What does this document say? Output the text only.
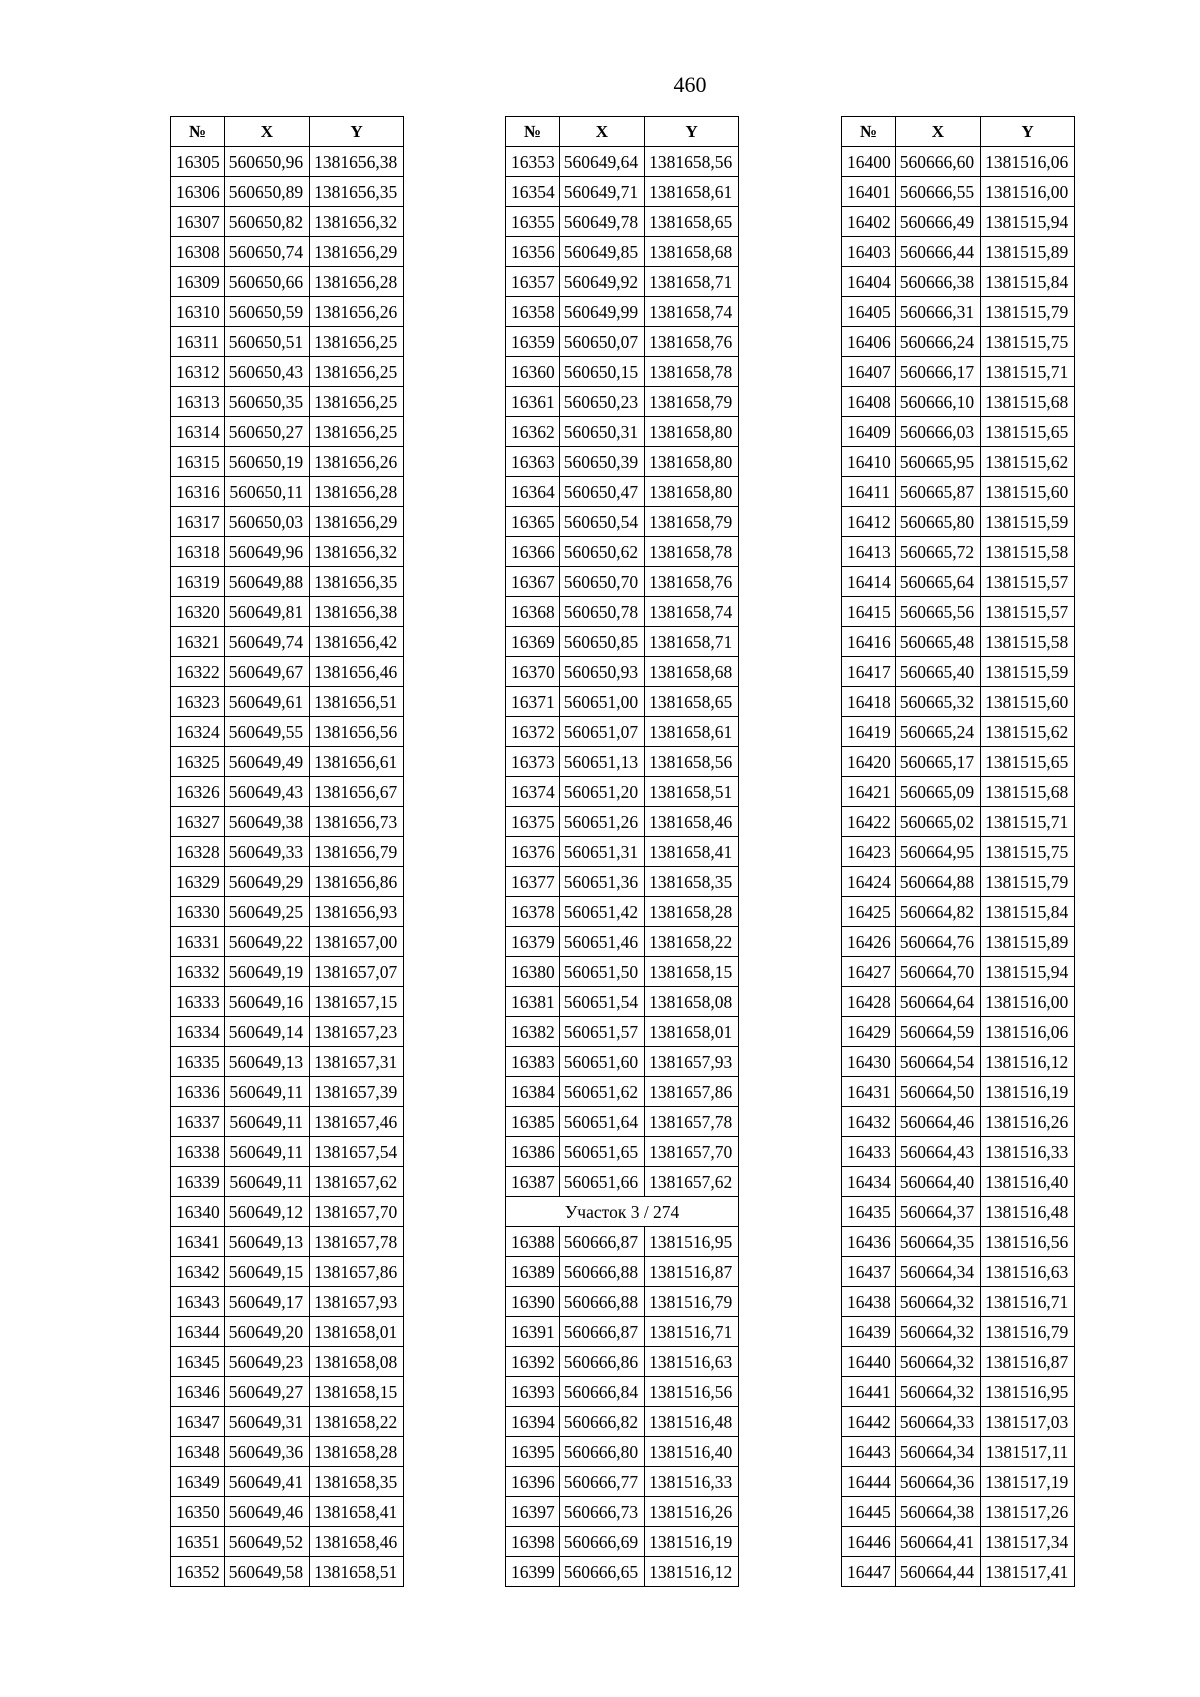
460
№	X	Y
16305	560650,96	1381656,38
16306	560650,89	1381656,35
16307	560650,82	1381656,32
16308	560650,74	1381656,29
16309	560650,66	1381656,28
16310	560650,59	1381656,26
16311	560650,51	1381656,25
16312	560650,43	1381656,25
16313	560650,35	1381656,25
16314	560650,27	1381656,25
16315	560650,19	1381656,26
16316	560650,11	1381656,28
16317	560650,03	1381656,29
16318	560649,96	1381656,32
16319	560649,88	1381656,35
16320	560649,81	1381656,38
16321	560649,74	1381656,42
16322	560649,67	1381656,46
16323	560649,61	1381656,51
16324	560649,55	1381656,56
16325	560649,49	1381656,61
16326	560649,43	1381656,67
16327	560649,38	1381656,73
16328	560649,33	1381656,79
16329	560649,29	1381656,86
16330	560649,25	1381656,93
16331	560649,22	1381657,00
16332	560649,19	1381657,07
16333	560649,16	1381657,15
16334	560649,14	1381657,23
16335	560649,13	1381657,31
16336	560649,11	1381657,39
16337	560649,11	1381657,46
16338	560649,11	1381657,54
16339	560649,11	1381657,62
16340	560649,12	1381657,70
16341	560649,13	1381657,78
16342	560649,15	1381657,86
16343	560649,17	1381657,93
16344	560649,20	1381658,01
16345	560649,23	1381658,08
16346	560649,27	1381658,15
16347	560649,31	1381658,22
16348	560649,36	1381658,28
16349	560649,41	1381658,35
16350	560649,46	1381658,41
16351	560649,52	1381658,46
16352	560649,58	1381658,51
№	X	Y
16353	560649,64	1381658,56
16354	560649,71	1381658,61
16355	560649,78	1381658,65
16356	560649,85	1381658,68
16357	560649,92	1381658,71
16358	560649,99	1381658,74
16359	560650,07	1381658,76
16360	560650,15	1381658,78
16361	560650,23	1381658,79
16362	560650,31	1381658,80
16363	560650,39	1381658,80
16364	560650,47	1381658,80
16365	560650,54	1381658,79
16366	560650,62	1381658,78
16367	560650,70	1381658,76
16368	560650,78	1381658,74
16369	560650,85	1381658,71
16370	560650,93	1381658,68
16371	560651,00	1381658,65
16372	560651,07	1381658,61
16373	560651,13	1381658,56
16374	560651,20	1381658,51
16375	560651,26	1381658,46
16376	560651,31	1381658,41
16377	560651,36	1381658,35
16378	560651,42	1381658,28
16379	560651,46	1381658,22
16380	560651,50	1381658,15
16381	560651,54	1381658,08
16382	560651,57	1381658,01
16383	560651,60	1381657,93
16384	560651,62	1381657,86
16385	560651,64	1381657,78
16386	560651,65	1381657,70
16387	560651,66	1381657,62
Участок 3 / 274		
16388	560666,87	1381516,95
16389	560666,88	1381516,87
16390	560666,88	1381516,79
16391	560666,87	1381516,71
16392	560666,86	1381516,63
16393	560666,84	1381516,56
16394	560666,82	1381516,48
16395	560666,80	1381516,40
16396	560666,77	1381516,33
16397	560666,73	1381516,26
16398	560666,69	1381516,19
16399	560666,65	1381516,12
№	X	Y
16400	560666,60	1381516,06
16401	560666,55	1381516,00
16402	560666,49	1381515,94
16403	560666,44	1381515,89
16404	560666,38	1381515,84
16405	560666,31	1381515,79
16406	560666,24	1381515,75
16407	560666,17	1381515,71
16408	560666,10	1381515,68
16409	560666,03	1381515,65
16410	560665,95	1381515,62
16411	560665,87	1381515,60
16412	560665,80	1381515,59
16413	560665,72	1381515,58
16414	560665,64	1381515,57
16415	560665,56	1381515,57
16416	560665,48	1381515,58
16417	560665,40	1381515,59
16418	560665,32	1381515,60
16419	560665,24	1381515,62
16420	560665,17	1381515,65
16421	560665,09	1381515,68
16422	560665,02	1381515,71
16423	560664,95	1381515,75
16424	560664,88	1381515,79
16425	560664,82	1381515,84
16426	560664,76	1381515,89
16427	560664,70	1381515,94
16428	560664,64	1381516,00
16429	560664,59	1381516,06
16430	560664,54	1381516,12
16431	560664,50	1381516,19
16432	560664,46	1381516,26
16433	560664,43	1381516,33
16434	560664,40	1381516,40
16435	560664,37	1381516,48
16436	560664,35	1381516,56
16437	560664,34	1381516,63
16438	560664,32	1381516,71
16439	560664,32	1381516,79
16440	560664,32	1381516,87
16441	560664,32	1381516,95
16442	560664,33	1381517,03
16443	560664,34	1381517,11
16444	560664,36	1381517,19
16445	560664,38	1381517,26
16446	560664,41	1381517,34
16447	560664,44	1381517,41
